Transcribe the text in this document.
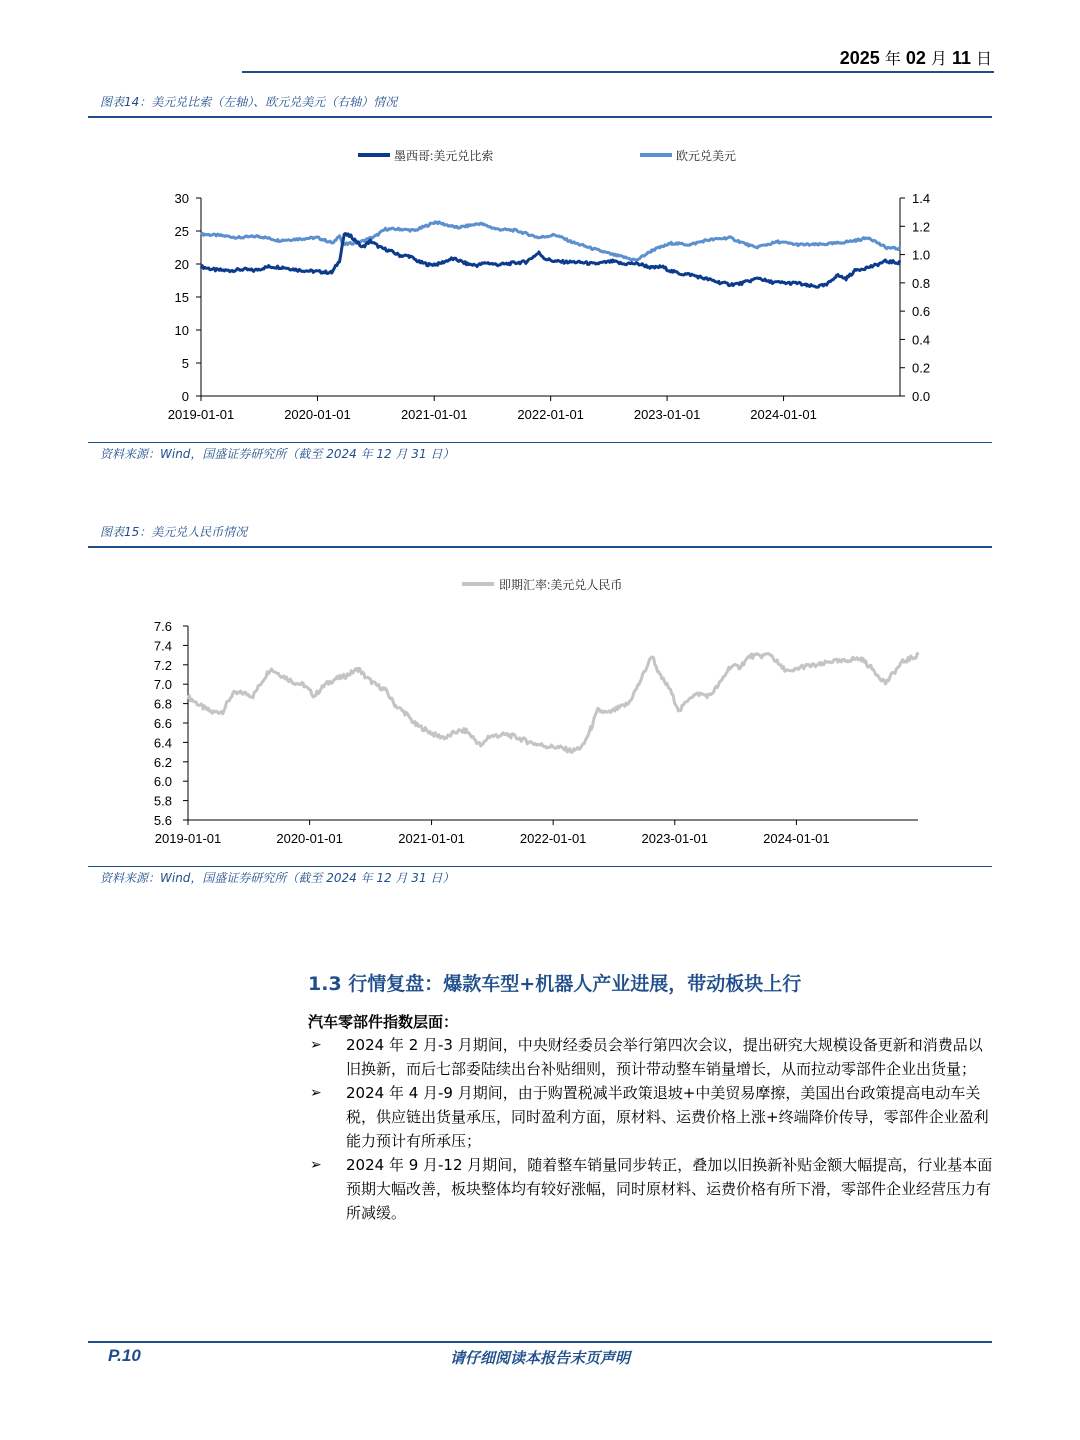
2025 年 02 月 11 日
图表14：美元兑比索（左轴）、欧元兑美元（右轴）情况
墨西哥:美元兑比索	欧元兑美元
0
5
10
15
20
25
30
0.0
0.2
0.4
0.6
0.8
1.0
1.2
1.4
2019-01-01	2020-01-01	2021-01-01	2022-01-01	2023-01-01	2024-01-01
资料来源：Wind，国盛证券研究所（截至 2024 年 12 月 31 日）
图表15：美元兑人民币情况
即期汇率:美元兑人民币
5.6
5.8
6.0
6.2
6.4
6.6
6.8
7.0
7.2
7.4
7.6
2019-01-01	2020-01-01	2021-01-01	2022-01-01	2023-01-01	2024-01-01
资料来源：Wind，国盛证券研究所（截至 2024 年 12 月 31 日）
1.3 行情复盘：爆款车型+机器人产业进展，带动板块上行
汽车零部件指数层面：
➢ 2024 年 2 月-3 月期间，中央财经委员会举行第四次会议，提出研究大规模设备更新和消费品以旧换新，而后七部委陆续出台补贴细则，预计带动整车销量增长，从而拉动零部件企业出货量；
➢ 2024 年 4 月-9 月期间，由于购置税减半政策退坡+中美贸易摩擦，美国出台政策提高电动车关税，供应链出货量承压，同时盈利方面，原材料、运费价格上涨+终端降价传导，零部件企业盈利能力预计有所承压；
➢ 2024 年 9 月-12 月期间，随着整车销量同步转正，叠加以旧换新补贴金额大幅提高，行业基本面预期大幅改善，板块整体均有较好涨幅，同时原材料、运费价格有所下滑，零部件企业经营压力有所减缓。
请仔细阅读本报告末页声明
P.10
